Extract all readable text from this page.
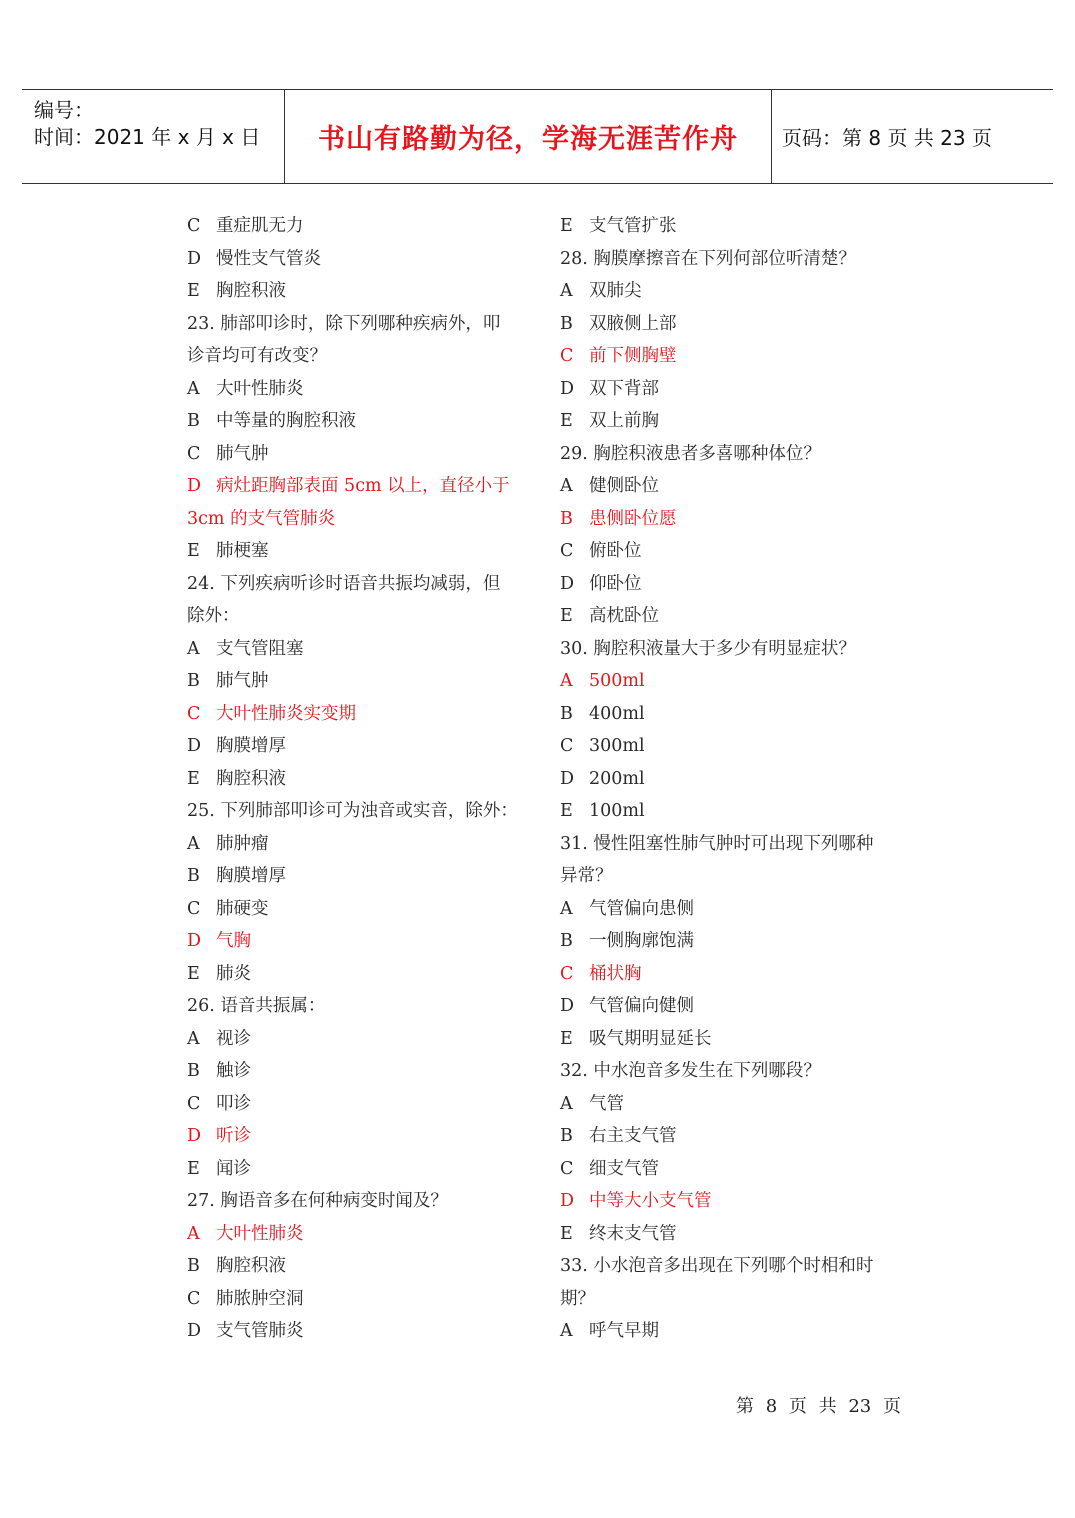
编号：
时间：2021 年 x 月 x 日 书山有路勤为径，学海无涯苦作舟 页码：第 8 页 共 23 页
C 重症肌无力
D 慢性支气管炎
E 胸腔积液
23. 肺部叩诊时，除下列哪种疾病外，叩
诊音均可有改变？
A 大叶性肺炎
B 中等量的胸腔积液
C 肺气肿
D 病灶距胸部表面 5cm 以上，直径小于
3cm 的支气管肺炎
E 肺梗塞
24. 下列疾病听诊时语音共振均减弱，但
除外：
A 支气管阻塞
B 肺气肿
C 大叶性肺炎实变期
D 胸膜增厚
E 胸腔积液
25. 下列肺部叩诊可为浊音或实音，除外：
A 肺肿瘤
B 胸膜增厚
C 肺硬变
D 气胸
E 肺炎
26. 语音共振属：
A 视诊
B 触诊
C 叩诊
D 听诊
E 闻诊
27. 胸语音多在何种病变时闻及？
A 大叶性肺炎
B 胸腔积液
C 肺脓肿空洞
D 支气管肺炎
E 支气管扩张
28. 胸膜摩擦音在下列何部位听清楚？
A 双肺尖
B 双腋侧上部
C 前下侧胸壁
D 双下背部
E 双上前胸
29. 胸腔积液患者多喜哪种体位？
A 健侧卧位
B 患侧卧位愿
C 俯卧位
D 仰卧位
E 高枕卧位
30. 胸腔积液量大于多少有明显症状？
A 500ml
B 400ml
C 300ml
D 200ml
E 100ml
31. 慢性阻塞性肺气肿时可出现下列哪种
异常？
A 气管偏向患侧
B 一侧胸廓饱满
C 桶状胸
D 气管偏向健侧
E 吸气期明显延长
32. 中水泡音多发生在下列哪段？
A 气管
B 右主支气管
C 细支气管
D 中等大小支气管
E 终末支气管
33. 小水泡音多出现在下列哪个时相和时
期？
A 呼气早期
第 8 页 共 23 页
